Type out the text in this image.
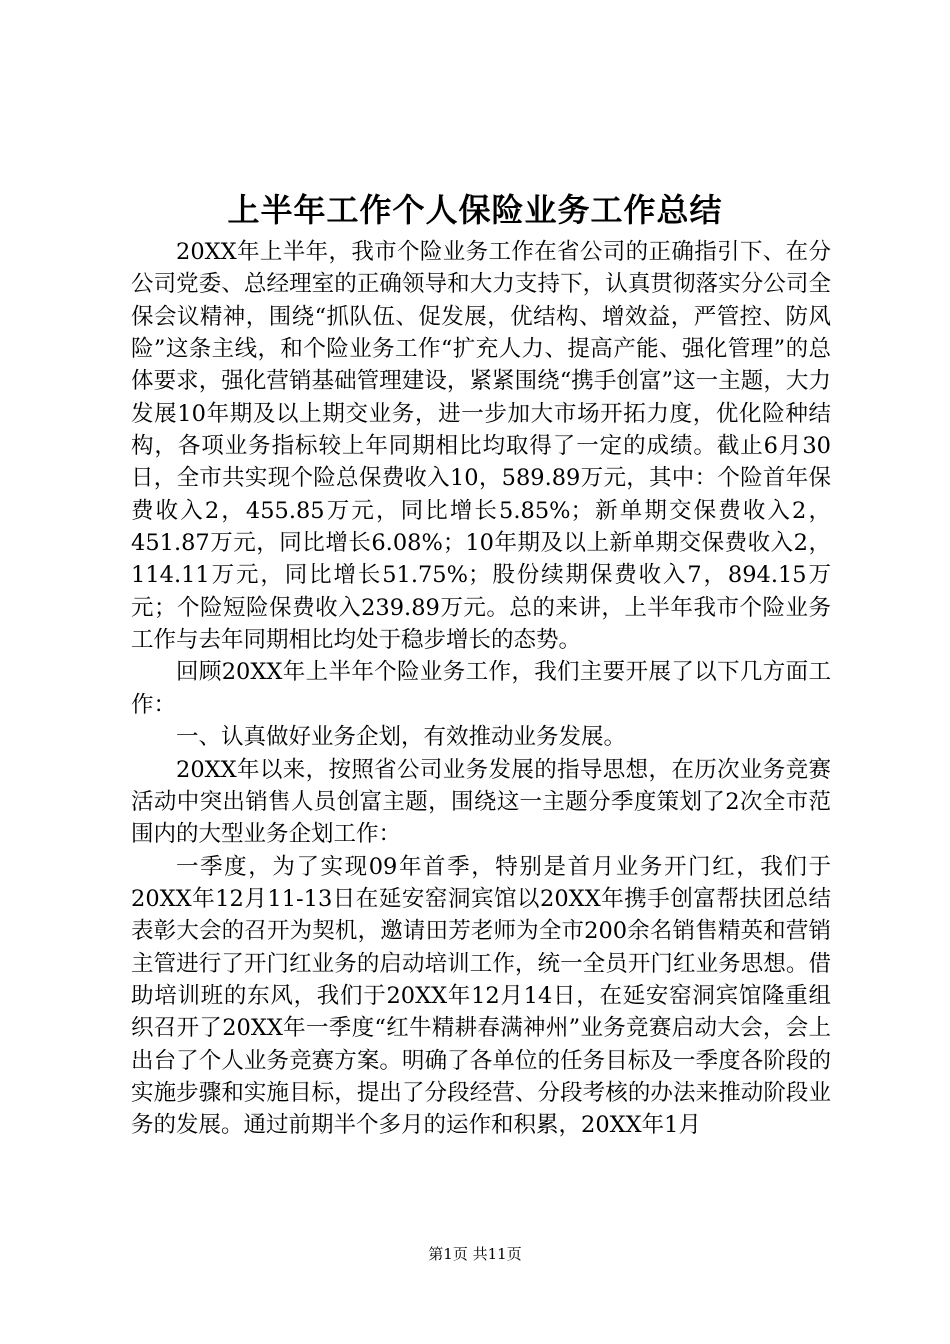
上半年工作个人保险业务工作总结

20XX年上半年，我市个险业务工作在省公司的正确指引下、在分公司党委、总经理室的正确领导和大力支持下，认真贯彻落实分公司全保会议精神，围绕“抓队伍、促发展，优结构、增效益，严管控、防风险”这条主线，和个险业务工作“扩充人力、提高产能、强化管理”的总体要求，强化营销基础管理建设，紧紧围绕“携手创富”这一主题，大力发展10年期及以上期交业务，进一步加大市场开拓力度，优化险种结构，各项业务指标较上年同期相比均取得了一定的成绩。截止6月30日，全市共实现个险总保费收入10，589.89万元，其中：个险首年保费收入2，455.85万元，同比增长5.85%；新单期交保费收入2，451.87万元，同比增长6.08%；10年期及以上新单期交保费收入2，114.11万元，同比增长51.75%；股份续期保费收入7，894.15万元；个险短险保费收入239.89万元。总的来讲，上半年我市个险业务工作与去年同期相比均处于稳步增长的态势。

回顾20XX年上半年个险业务工作，我们主要开展了以下几方面工作：

一、认真做好业务企划，有效推动业务发展。

20XX年以来，按照省公司业务发展的指导思想，在历次业务竞赛活动中突出销售人员创富主题，围绕这一主题分季度策划了2次全市范围内的大型业务企划工作：

一季度，为了实现09年首季，特别是首月业务开门红，我们于20XX年12月11-13日在延安窑洞宾馆以20XX年携手创富帮扶团总结表彰大会的召开为契机，邀请田芳老师为全市200余名销售精英和营销主管进行了开门红业务的启动培训工作，统一全员开门红业务思想。借助培训班的东风，我们于20XX年12月14日，在延安窑洞宾馆隆重组织召开了20XX年一季度“红牛精耕春满神州”业务竞赛启动大会，会上出台了个人业务竞赛方案。明确了各单位的任务目标及一季度各阶段的实施步骤和实施目标，提出了分段经营、分段考核的办法来推动阶段业务的发展。通过前期半个多月的运作和积累，20XX年1月

第1页 共11页
